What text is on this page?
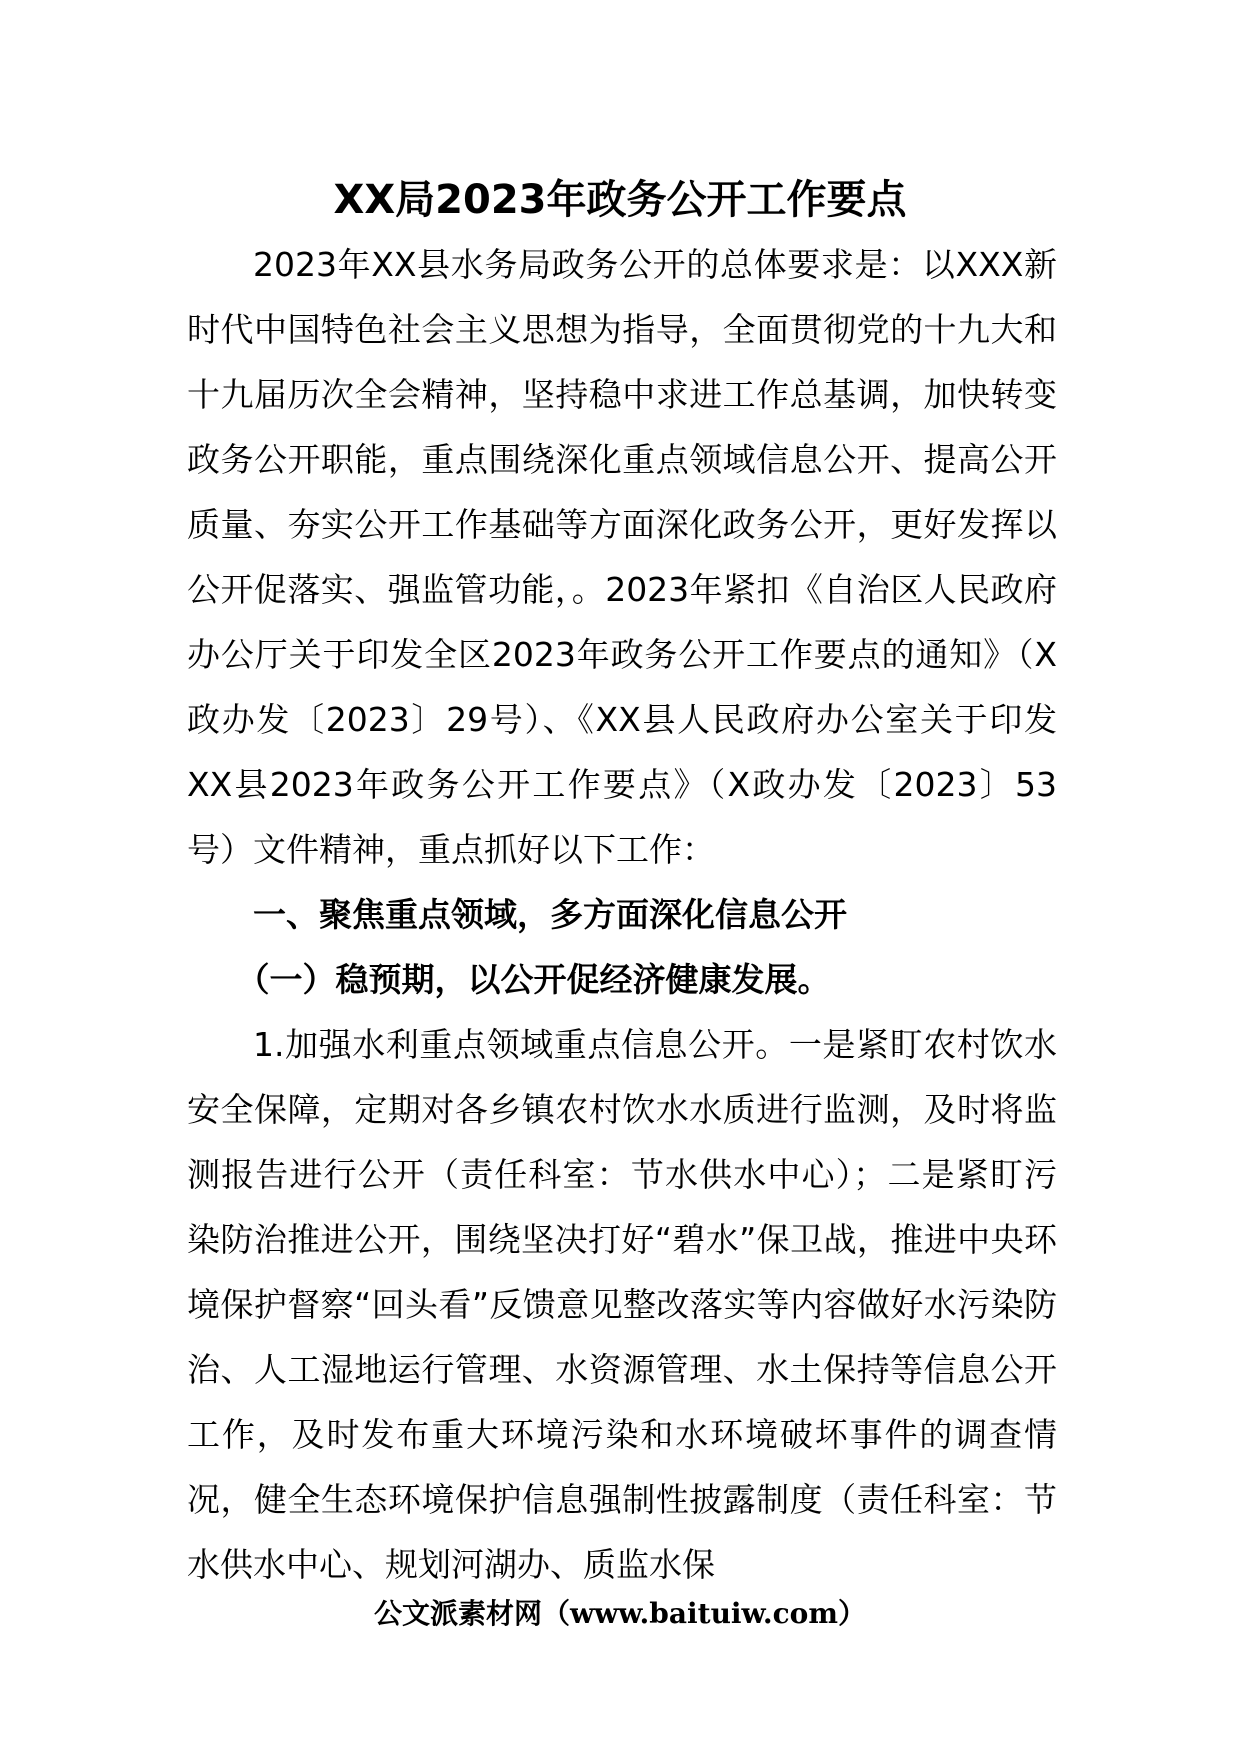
XX局2023年政务公开工作要点

2023年XX县水务局政务公开的总体要求是：以XXX新时代中国特色社会主义思想为指导，全面贯彻党的十九大和十九届历次全会精神，坚持稳中求进工作总基调，加快转变政务公开职能，重点围绕深化重点领域信息公开、提高公开质量、夯实公开工作基础等方面深化政务公开，更好发挥以公开促落实、强监管功能，。2023年紧扣《自治区人民政府办公厅关于印发全区2023年政务公开工作要点的通知》（X政办发〔2023〕29号）、《XX县人民政府办公室关于印发XX县2023年政务公开工作要点》（X政办发〔2023〕53号）文件精神，重点抓好以下工作：

一、聚焦重点领域，多方面深化信息公开

（一）稳预期，以公开促经济健康发展。

1.加强水利重点领域重点信息公开。一是紧盯农村饮水安全保障，定期对各乡镇农村饮水水质进行监测，及时将监测报告进行公开（责任科室：节水供水中心）；二是紧盯污染防治推进公开，围绕坚决打好“碧水”保卫战，推进中央环境保护督察“回头看”反馈意见整改落实等内容做好水污染防治、人工湿地运行管理、水资源管理、水土保持等信息公开工作，及时发布重大环境污染和水环境破坏事件的调查情况，健全生态环境保护信息强制性披露制度（责任科室：节水供水中心、规划河湖办、质监水保

公文派素材网（www.baituiw.com）
